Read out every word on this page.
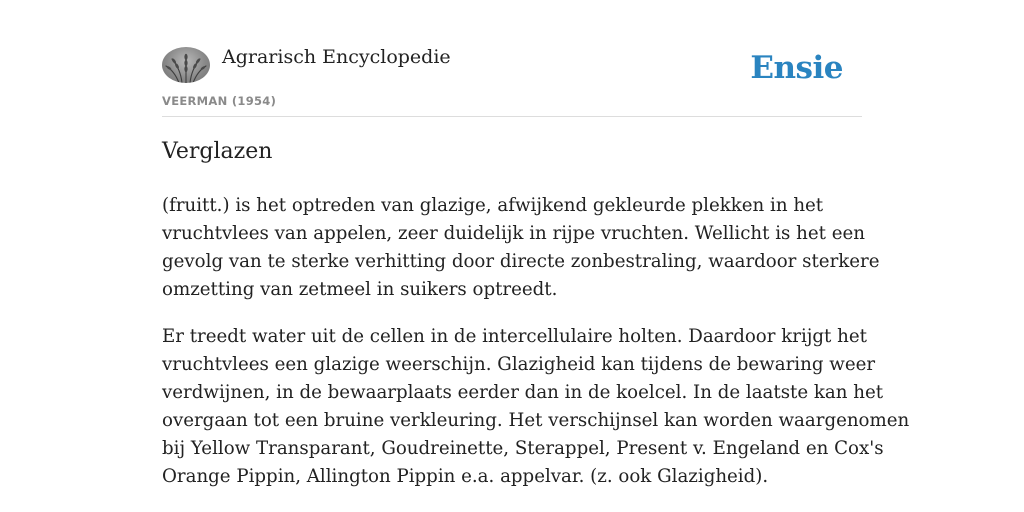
Agrarisch Encyclopedie
VEERMAN (1954)
Ensie
Verglazen

(fruitt.) is het optreden van glazige, afwijkend gekleurde plekken in het
vruchtvlees van appelen, zeer duidelijk in rijpe vruchten. Wellicht is het een
gevolg van te sterke verhitting door directe zonbestraling, waardoor sterkere
omzetting van zetmeel in suikers optreedt.

Er treedt water uit de cellen in de intercellulaire holten. Daardoor krijgt het
vruchtvlees een glazige weerschijn. Glazigheid kan tijdens de bewaring weer
verdwijnen, in de bewaarplaats eerder dan in de koelcel. In de laatste kan het
overgaan tot een bruine verkleuring. Het verschijnsel kan worden waargenomen
bij Yellow Transparant, Goudreinette, Sterappel, Present v. Engeland en Cox's
Orange Pippin, Allington Pippin e.a. appelvar. (z. ook Glazigheid).
